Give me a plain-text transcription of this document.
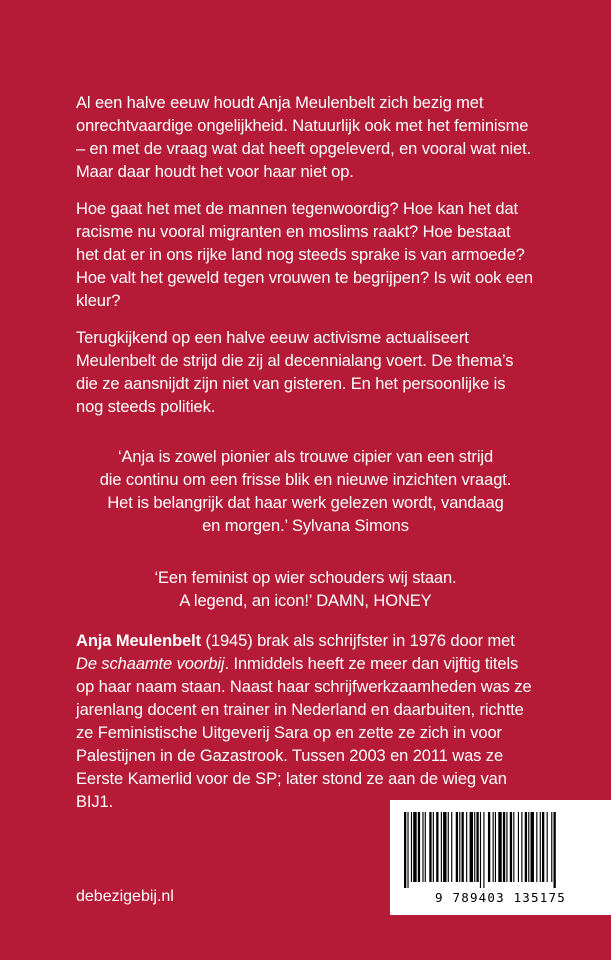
Al een halve eeuw houdt Anja Meulenbelt zich bezig met onrechtvaardige ongelijkheid. Natuurlijk ook met het feminisme – en met de vraag wat dat heeft opgeleverd, en vooral wat niet. Maar daar houdt het voor haar niet op.

Hoe gaat het met de mannen tegenwoordig? Hoe kan het dat racisme nu vooral migranten en moslims raakt? Hoe bestaat het dat er in ons rijke land nog steeds sprake is van armoede? Hoe valt het geweld tegen vrouwen te begrijpen? Is wit ook een kleur?

Terugkijkend op een halve eeuw activisme actualiseert Meulenbelt de strijd die zij al decennialang voert. De thema’s die ze aansnijdt zijn niet van gisteren. En het persoonlijke is nog steeds politiek.

‘Anja is zowel pionier als trouwe cipier van een strijd
die continu om een frisse blik en nieuwe inzichten vraagt.
Het is belangrijk dat haar werk gelezen wordt, vandaag
en morgen.’ Sylvana Simons
‘Een feminist op wier schouders wij staan.
A legend, an icon!’ DAMN, HONEY
Anja Meulenbelt (1945) brak als schrijfster in 1976 door met De schaamte voorbij. Inmiddels heeft ze meer dan vijftig titels op haar naam staan. Naast haar schrijfwerkzaamheden was ze jarenlang docent en trainer in Nederland en daarbuiten, richtte ze Feministische Uitgeverij Sara op en zette ze zich in voor Palestijnen in de Gazastrook. Tussen 2003 en 2011 was ze Eerste Kamerlid voor de SP; later stond ze aan de wieg van BIJ1.
debezigebij.nl	9 789403 135175
